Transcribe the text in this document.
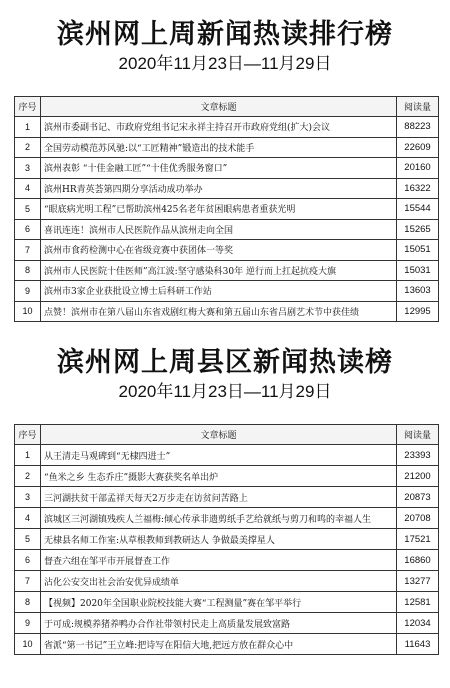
滨州网上周新闻热读排行榜
2020年11月23日—11月29日
序号	文章标题	阅读量
1	滨州市委副书记、市政府党组书记宋永祥主持召开市政府党组(扩大)会议	88223
2	全国劳动模范苏风驰:以“工匠精神”锻造出的技术能手	22609
3	滨州表彰 “十佳金融工匠”“十佳优秀服务窗口”	20160
4	滨州HR青英荟第四期分享活动成功举办	16322
5	“眼底病光明工程”已帮助滨州425名老年贫困眼病患者重获光明	15544
6	喜讯连连！滨州市人民医院作品从滨州走向全国	15265
7	滨州市食药检测中心在省级竞赛中获团体一等奖	15051
8	滨州市人民医院十佳医师”高江波:坚守感染科30年 逆行而上扛起抗疫大旗	15031
9	滨州市3家企业获批设立博士后科研工作站	13603
10	点赞！滨州市在第八届山东省戏剧红梅大赛和第五届山东省吕剧艺术节中获佳绩	12995
滨州网上周县区新闻热读榜
2020年11月23日—11月29日
序号	文章标题	阅读量
1	从王清走马观碑到“无棣四进士”	23393
2	“鱼米之乡 生态乔庄”摄影大赛获奖名单出炉	21200
3	三河湖扶贫干部孟祥天每天2万步走在访贫问苦路上	20873
4	滨城区三河湖镇残疾人兰福梅:倾心传承非遗剪纸手艺给就纸与剪刀和鸣的幸福人生	20708
5	无棣县名师工作室:从草根教师到教研达人 争做最美撑星人	17521
6	督查六组在邹平市开展督查工作	16860
7	沾化公安交出社会治安优异成绩单	13277
8	【视频】2020年全国职业院校技能大赛“工程测量”赛在邹平举行	12581
9	于可成:规模养猪养鸭办合作社带领村民走上高质量发展致富路	12034
10	省派“第一书记”王立峰:把诗写在阳信大地,把远方放在群众心中	11643
